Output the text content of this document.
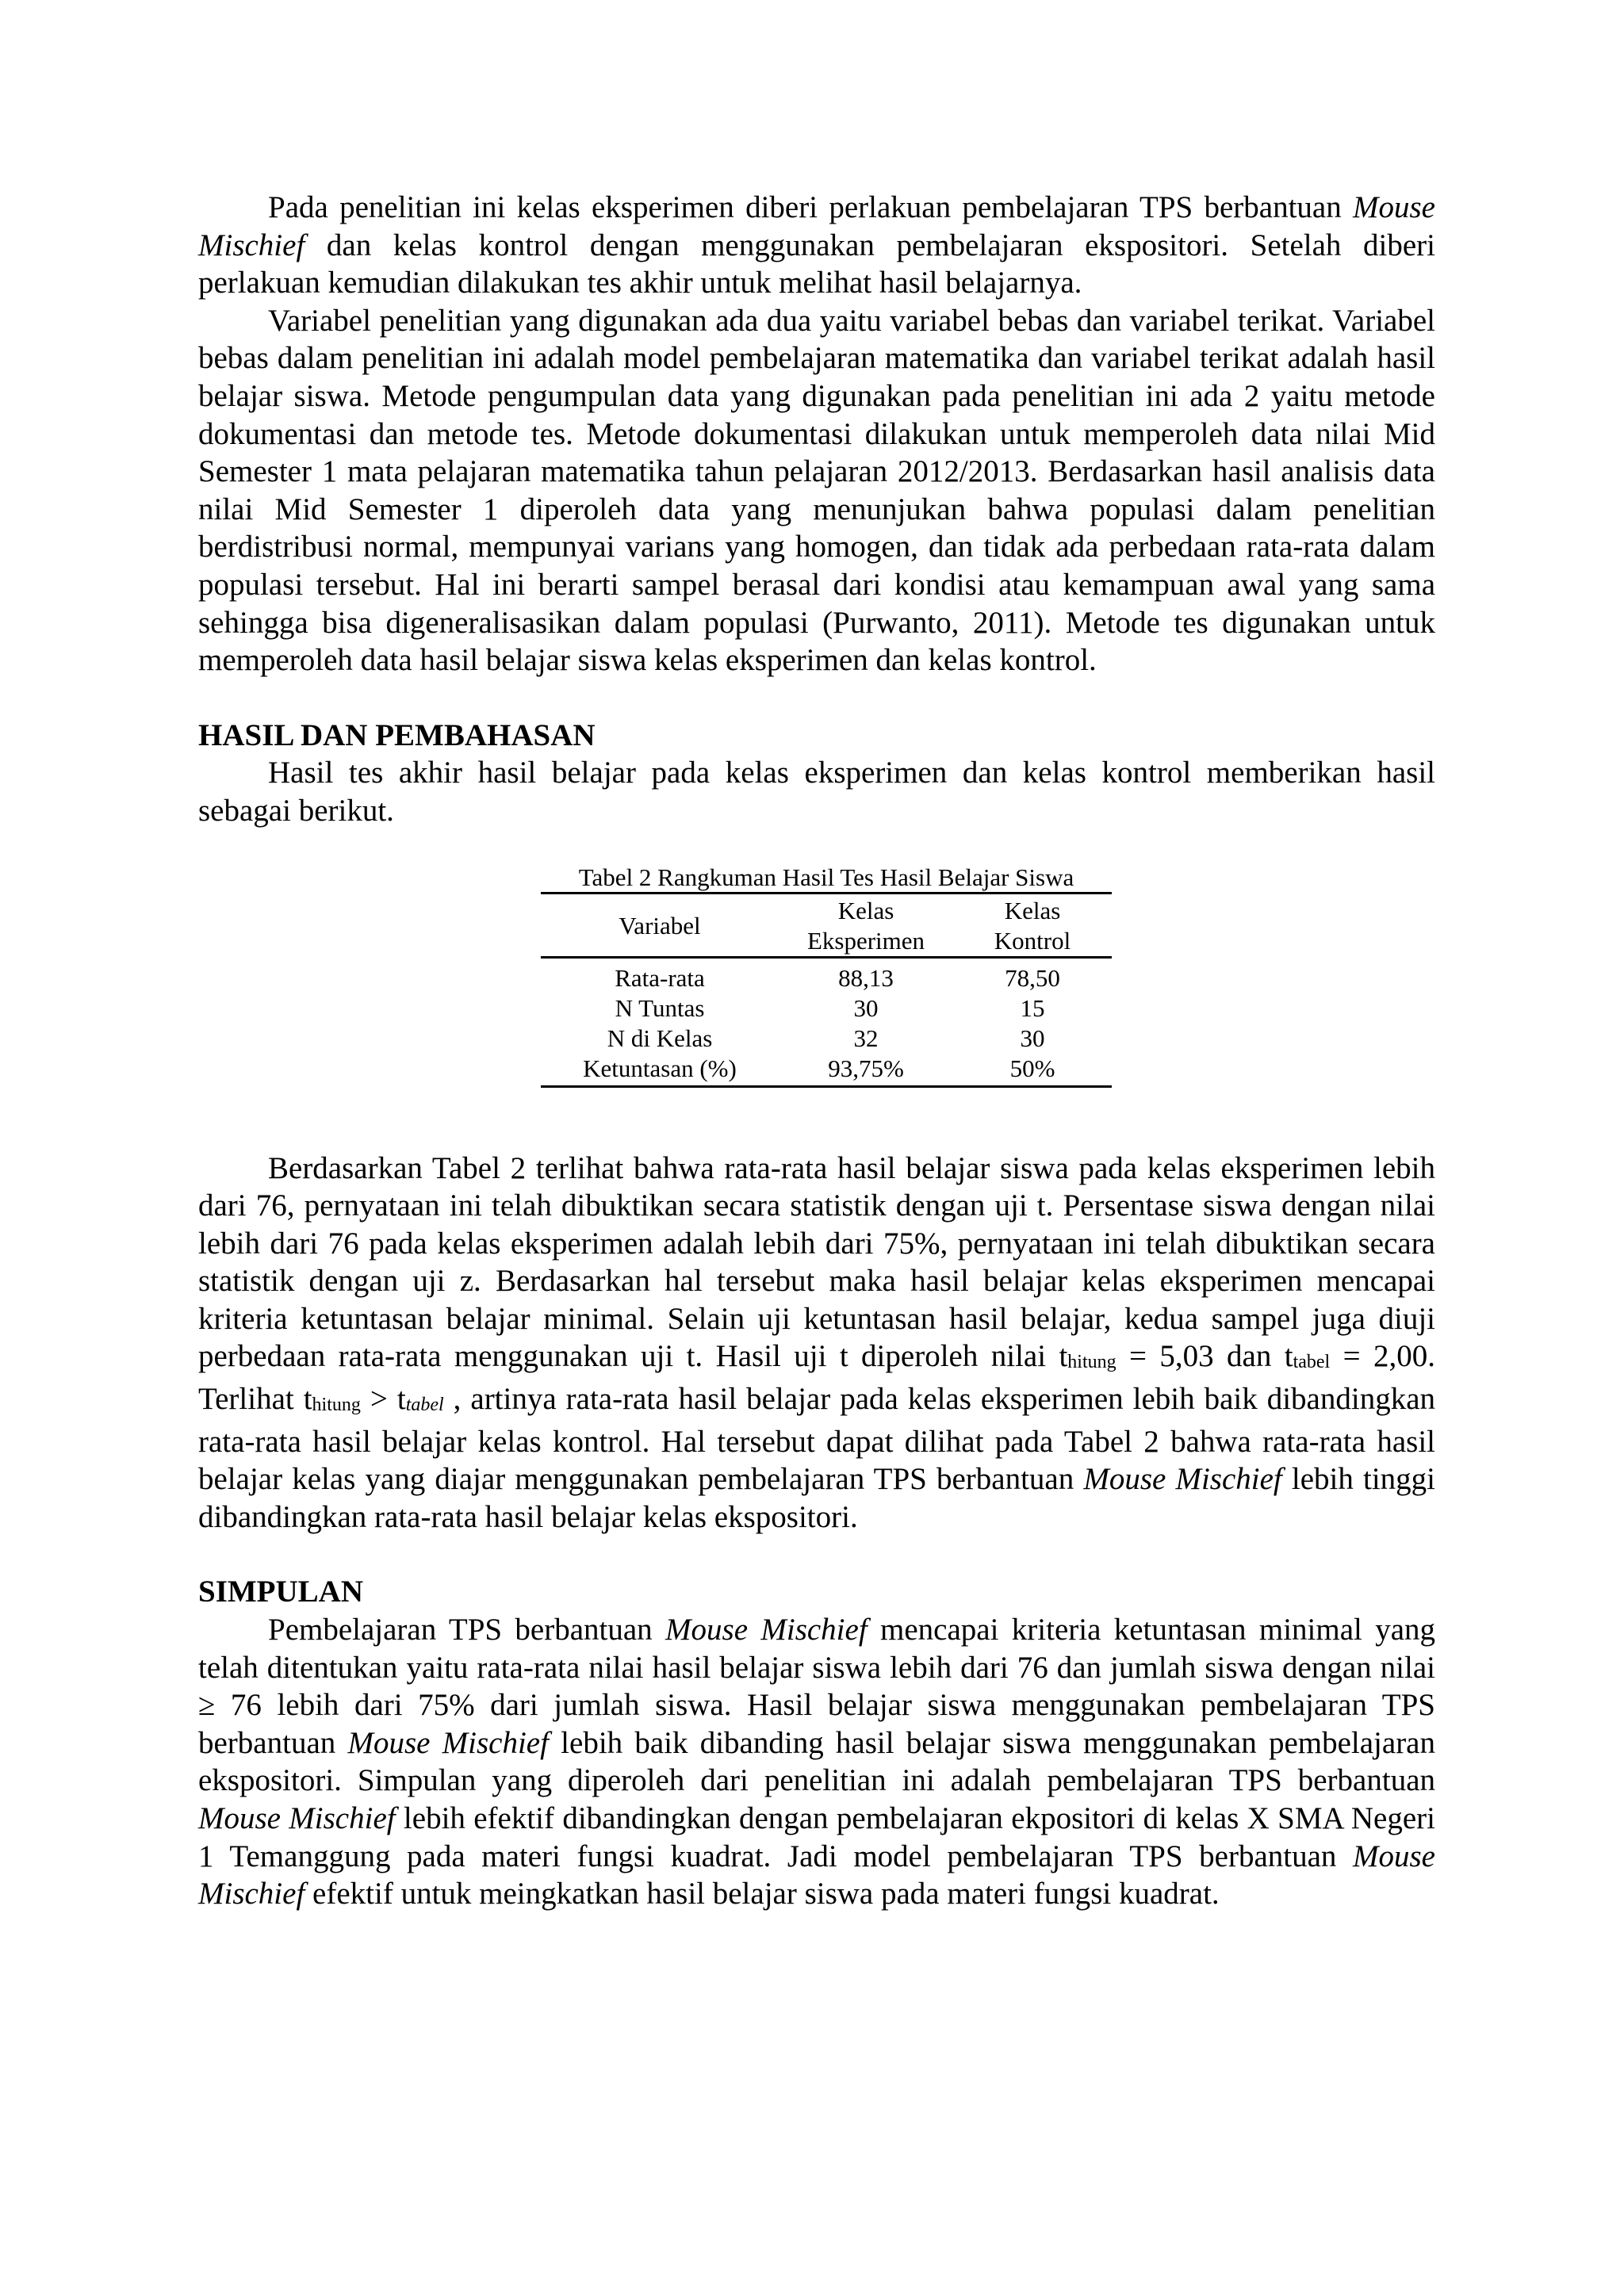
Pada penelitian ini kelas eksperimen diberi perlakuan pembelajaran TPS berbantuan Mouse Mischief dan kelas kontrol dengan menggunakan pembelajaran ekspositori. Setelah diberi perlakuan kemudian dilakukan tes akhir untuk melihat hasil belajarnya.

Variabel penelitian yang digunakan ada dua yaitu variabel bebas dan variabel terikat. Variabel bebas dalam penelitian ini adalah model pembelajaran matematika dan variabel terikat adalah hasil belajar siswa. Metode pengumpulan data yang digunakan pada penelitian ini ada 2 yaitu metode dokumentasi dan metode tes. Metode dokumentasi dilakukan untuk memperoleh data nilai Mid Semester 1 mata pelajaran matematika tahun pelajaran 2012/2013. Berdasarkan hasil analisis data nilai Mid Semester 1 diperoleh data yang menunjukan bahwa populasi dalam penelitian berdistribusi normal, mempunyai varians yang homogen, dan tidak ada perbedaan rata-rata dalam populasi tersebut. Hal ini berarti sampel berasal dari kondisi atau kemampuan awal yang sama sehingga bisa digeneralisasikan dalam populasi (Purwanto, 2011). Metode tes digunakan untuk memperoleh data hasil belajar siswa kelas eksperimen dan kelas kontrol.

HASIL DAN PEMBAHASAN

Hasil tes akhir hasil belajar pada kelas eksperimen dan kelas kontrol memberikan hasil sebagai berikut.

Tabel 2 Rangkuman Hasil Tes Hasil Belajar Siswa
Variabel	Kelas	Kelas
	Eksperimen	Kontrol
Rata-rata	88,13	78,50
N Tuntas	30	15
N di Kelas	32	30
Ketuntasan (%)	93,75%	50%

Berdasarkan Tabel 2 terlihat bahwa rata-rata hasil belajar siswa pada kelas eksperimen lebih dari 76, pernyataan ini telah dibuktikan secara statistik dengan uji t. Persentase siswa dengan nilai lebih dari 76 pada kelas eksperimen adalah lebih dari 75%, pernyataan ini telah dibuktikan secara statistik dengan uji z. Berdasarkan hal tersebut maka hasil belajar kelas eksperimen mencapai kriteria ketuntasan belajar minimal. Selain uji ketuntasan hasil belajar, kedua sampel juga diuji perbedaan rata-rata menggunakan uji t. Hasil uji t diperoleh nilai $t_{hitung} = 5,03$ dan $t_{tabel} = 2,00$. Terlihat $t_{hitung} > t_{tabel}$ , artinya rata-rata hasil belajar pada kelas eksperimen lebih baik dibandingkan rata-rata hasil belajar kelas kontrol. Hal tersebut dapat dilihat pada Tabel 2 bahwa rata-rata hasil belajar kelas yang diajar menggunakan pembelajaran TPS berbantuan Mouse Mischief lebih tinggi dibandingkan rata-rata hasil belajar kelas ekspositori.

SIMPULAN

Pembelajaran TPS berbantuan Mouse Mischief mencapai kriteria ketuntasan minimal yang telah ditentukan yaitu rata-rata nilai hasil belajar siswa lebih dari 76 dan jumlah siswa dengan nilai ≥ 76 lebih dari 75% dari jumlah siswa. Hasil belajar siswa menggunakan pembelajaran TPS berbantuan Mouse Mischief lebih baik dibanding hasil belajar siswa menggunakan pembelajaran ekspositori. Simpulan yang diperoleh dari penelitian ini adalah pembelajaran TPS berbantuan Mouse Mischief lebih efektif dibandingkan dengan pembelajaran ekpositori di kelas X SMA Negeri 1 Temanggung pada materi fungsi kuadrat. Jadi model pembelajaran TPS berbantuan Mouse Mischief efektif untuk meingkatkan hasil belajar siswa pada materi fungsi kuadrat.
